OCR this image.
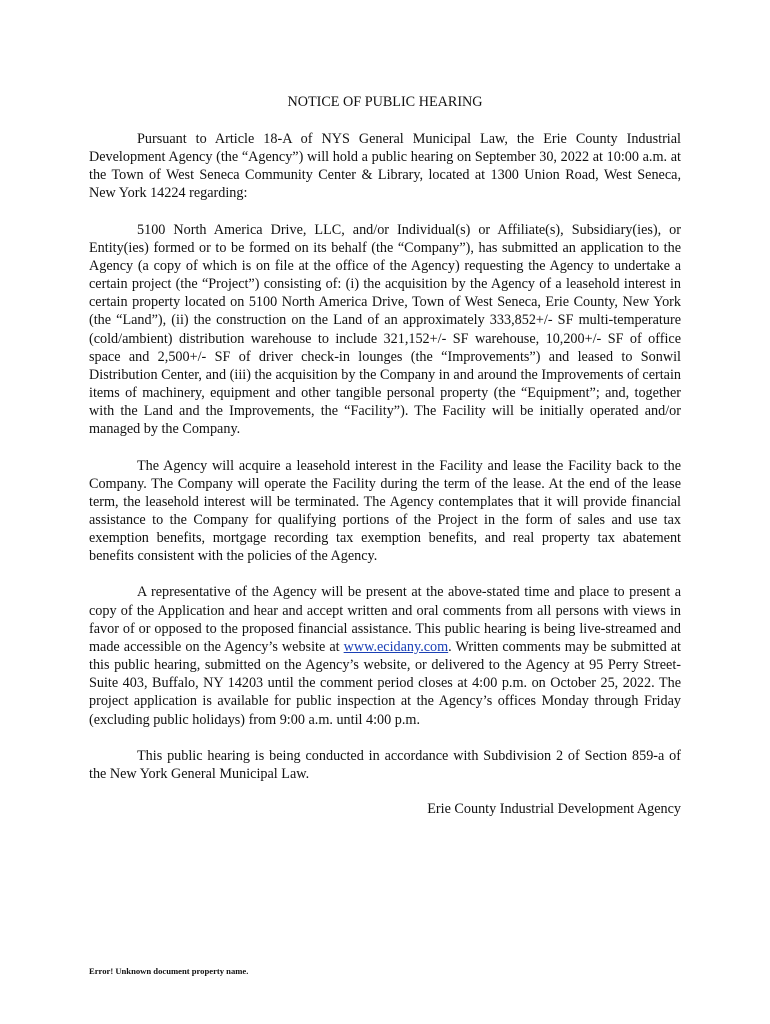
NOTICE OF PUBLIC HEARING

Pursuant to Article 18-A of NYS General Municipal Law, the Erie County Industrial Development Agency (the “Agency”) will hold a public hearing on September 30, 2022 at 10:00 a.m. at the Town of West Seneca Community Center & Library, located at 1300 Union Road, West Seneca, New York 14224 regarding:

5100 North America Drive, LLC, and/or Individual(s) or Affiliate(s), Subsidiary(ies), or Entity(ies) formed or to be formed on its behalf (the “Company”), has submitted an application to the Agency (a copy of which is on file at the office of the Agency) requesting the Agency to undertake a certain project (the “Project”) consisting of: (i) the acquisition by the Agency of a leasehold interest in certain property located on 5100 North America Drive, Town of West Seneca, Erie County, New York (the “Land”), (ii) the construction on the Land of an approximately 333,852+/- SF multi-temperature (cold/ambient) distribution warehouse to include 321,152+/- SF warehouse, 10,200+/- SF of office space and 2,500+/- SF of driver check-in lounges (the “Improvements”) and leased to Sonwil Distribution Center, and (iii) the acquisition by the Company in and around the Improvements of certain items of machinery, equipment and other tangible personal property (the “Equipment”; and, together with the Land and the Improvements, the “Facility”). The Facility will be initially operated and/or managed by the Company.

The Agency will acquire a leasehold interest in the Facility and lease the Facility back to the Company. The Company will operate the Facility during the term of the lease. At the end of the lease term, the leasehold interest will be terminated. The Agency contemplates that it will provide financial assistance to the Company for qualifying portions of the Project in the form of sales and use tax exemption benefits, mortgage recording tax exemption benefits, and real property tax abatement benefits consistent with the policies of the Agency.

A representative of the Agency will be present at the above-stated time and place to present a copy of the Application and hear and accept written and oral comments from all persons with views in favor of or opposed to the proposed financial assistance. This public hearing is being live-streamed and made accessible on the Agency’s website at www.ecidany.com. Written comments may be submitted at this public hearing, submitted on the Agency’s website, or delivered to the Agency at 95 Perry Street-Suite 403, Buffalo, NY 14203 until the comment period closes at 4:00 p.m. on October 25, 2022. The project application is available for public inspection at the Agency’s offices Monday through Friday (excluding public holidays) from 9:00 a.m. until 4:00 p.m.

This public hearing is being conducted in accordance with Subdivision 2 of Section 859-a of the New York General Municipal Law.

Erie County Industrial Development Agency

Error! Unknown document property name.
